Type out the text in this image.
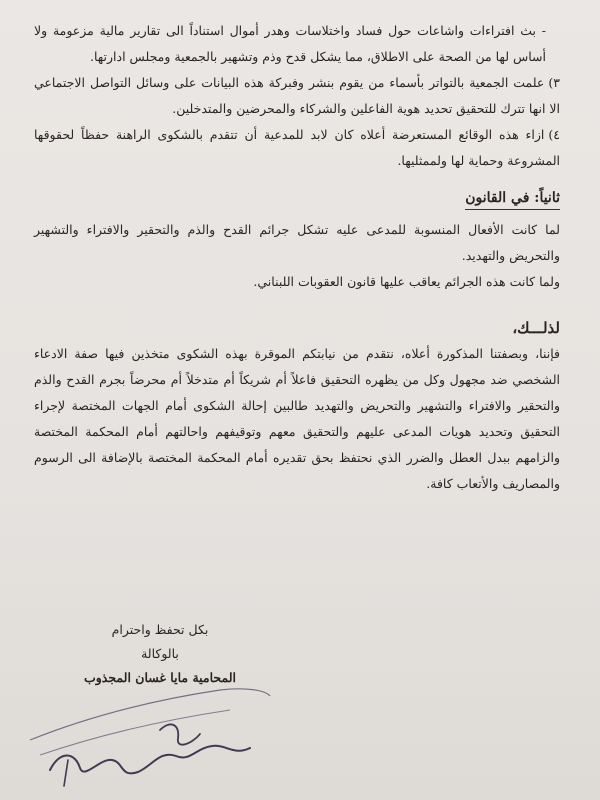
- بث افتراءات واشاعات حول فساد واختلاسات وهدر أموال استناداً الى تقارير مالية مزعومة ولا أساس لها من الصحة على الاطلاق، مما يشكل قدح وذم وتشهير بالجمعية ومجلس ادارتها.

٣)علمت الجمعية بالتواتر بأسماء من يقوم بنشر وفبركة هذه البيانات على وسائل التواصل الاجتماعي الا انها تترك للتحقيق تحديد هوية الفاعلين والشركاء والمحرضين والمتدخلين.

٤)ازاء هذه الوقائع المستعرضة أعلاه كان لابد للمدعية أن تتقدم بالشكوى الراهنة حفظاً لحقوقها المشروعة وحماية لها ولممثليها.

ثانياً: في القانون

لما كانت الأفعال المنسوبة للمدعى عليه تشكل جرائم القدح والذم والتحقير والافتراء والتشهير والتحريض والتهديد.

ولما كانت هذه الجرائم يعاقب عليها قانون العقوبات اللبناني.

لذلـــك،

فإننا، وبصفتنا المذكورة أعلاه، نتقدم من نيابتكم الموقرة بهذه الشكوى متخذين فيها صفة الادعاء الشخصي ضد مجهول وكل من يظهره التحقيق فاعلاً أم شريكاً أم متدخلاً أم محرضاً بجرم القدح والذم والتحقير والافتراء والتشهير والتحريض والتهديد طالبين إحالة الشكوى أمام الجهات المختصة لإجراء التحقيق وتحديد هويات المدعى عليهم والتحقيق معهم وتوقيفهم واحالتهم أمام المحكمة المختصة والزامهم ببدل العطل والضرر الذي نحتفظ بحق تقديره أمام المحكمة المختصة بالإضافة الى الرسوم والمصاريف والأتعاب كافة.

بكل تحفظ واحترام
بالوكالة
المحامية مايا غسان المجذوب
